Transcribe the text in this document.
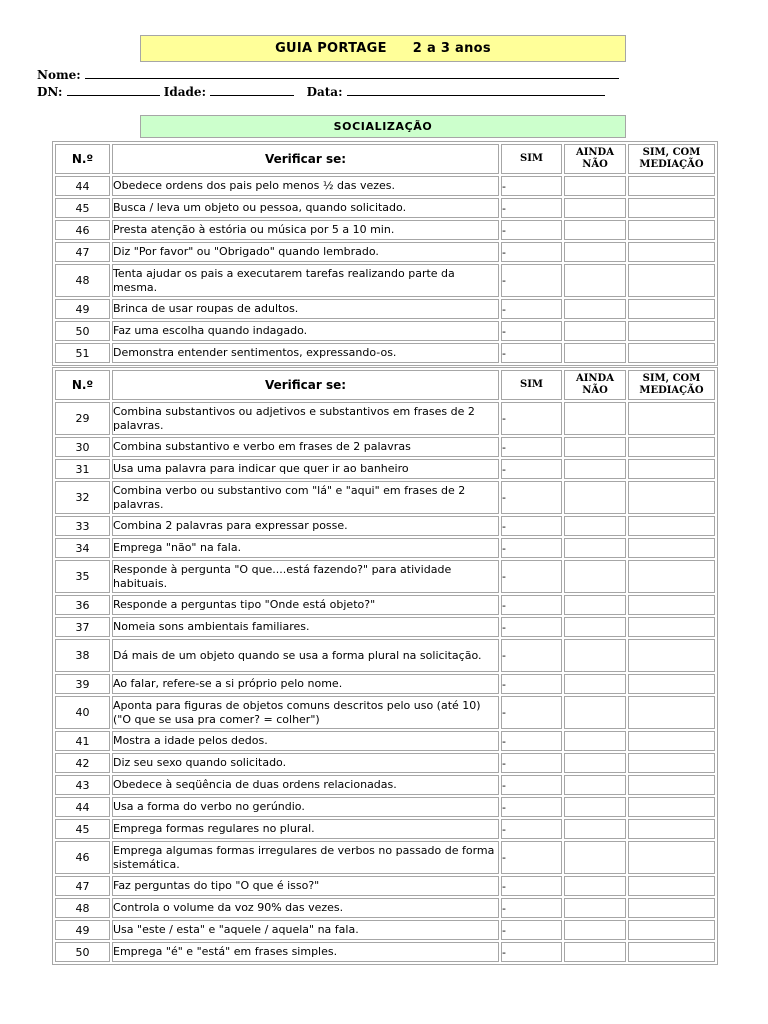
GUIA PORTAGE 2 a 3 anos
Nome:
DN:	Idade:	Data:
SOCIALIZAÇÃO
N.º	Verificar se:	SIM	AINDA NÃO	SIM, COM MEDIAÇÃO
44	Obedece ordens dos pais pelo menos ½ das vezes.	-		
45	Busca / leva um objeto ou pessoa, quando solicitado.	-		
46	Presta atenção à estória ou música por 5 a 10 min.	-		
47	Diz "Por favor" ou "Obrigado" quando lembrado.	-		
48	Tenta ajudar os pais a executarem tarefas realizando parte da mesma.	-		
49	Brinca de usar roupas de adultos.	-		
50	Faz uma escolha quando indagado.	-		
51	Demonstra entender sentimentos, expressando-os.	-		
N.º	Verificar se:	SIM	AINDA NÃO	SIM, COM MEDIAÇÃO
29	Combina substantivos ou adjetivos e substantivos em frases de 2 palavras.	-		
30	Combina substantivo e verbo em frases de 2 palavras	-		
31	Usa uma palavra para indicar que quer ir ao banheiro	-		
32	Combina verbo ou substantivo com "lá" e "aqui" em frases de 2 palavras.	-		
33	Combina 2 palavras para expressar posse.	-		
34	Emprega "não" na fala.	-		
35	Responde à pergunta "O que....está fazendo?" para atividade habituais.	-		
36	Responde a perguntas tipo "Onde está objeto?"	-		
37	Nomeia sons ambientais familiares.	-		
38	Dá mais de um objeto quando se usa a forma plural na solicitação.	-		
39	Ao falar, refere-se a si próprio pelo nome.	-		
40	Aponta para figuras de objetos comuns descritos pelo uso (até 10) ("O que se usa pra comer? = colher")	-		
41	Mostra a idade pelos dedos.	-		
42	Diz seu sexo quando solicitado.	-		
43	Obedece à seqüência de duas ordens relacionadas.	-		
44	Usa a forma do verbo no gerúndio.	-		
45	Emprega formas regulares no plural.	-		
46	Emprega algumas formas irregulares de verbos no passado de forma sistemática.	-		
47	Faz perguntas do tipo "O que é isso?"	-		
48	Controla o volume da voz 90% das vezes.	-		
49	Usa "este / esta" e "aquele / aquela" na fala.	-		
50	Emprega "é" e "está" em frases simples.	-		
